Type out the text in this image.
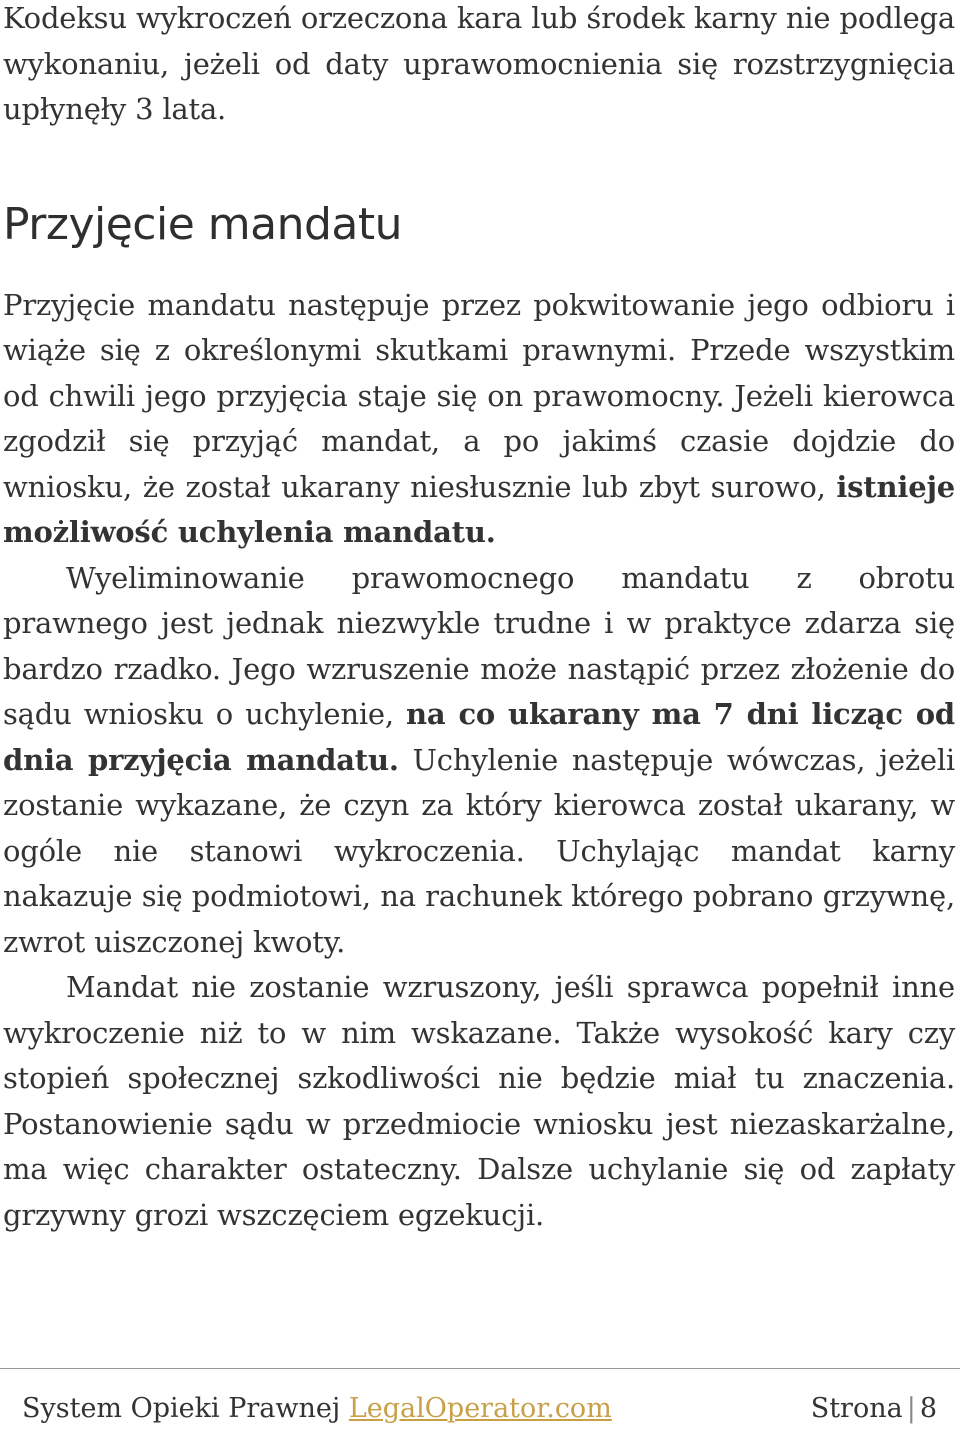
Kodeksu wykroczeń orzeczona kara lub środek karny nie podlega wykonaniu, jeżeli od daty uprawomocnienia się rozstrzygnięcia upłynęły 3 lata.

Przyjęcie mandatu

Przyjęcie mandatu następuje przez pokwitowanie jego odbioru i wiąże się z określonymi skutkami prawnymi. Przede wszystkim od chwili jego przyjęcia staje się on prawomocny. Jeżeli kierowca zgodził się przyjąć mandat, a po jakimś czasie dojdzie do wniosku, że został ukarany niesłusznie lub zbyt surowo, istnieje możliwość uchylenia mandatu.

Wyeliminowanie prawomocnego mandatu z obrotu prawnego jest jednak niezwykle trudne i w praktyce zdarza się bardzo rzadko. Jego wzruszenie może nastąpić przez złożenie do sądu wniosku o uchylenie, na co ukarany ma 7 dni licząc od dnia przyjęcia mandatu. Uchylenie następuje wówczas, jeżeli zostanie wykazane, że czyn za który kierowca został ukarany, w ogóle nie stanowi wykroczenia. Uchylając mandat karny nakazuje się podmiotowi, na rachunek którego pobrano grzywnę, zwrot uiszczonej kwoty.

Mandat nie zostanie wzruszony, jeśli sprawca popełnił inne wykroczenie niż to w nim wskazane. Także wysokość kary czy stopień społecznej szkodliwości nie będzie miał tu znaczenia. Postanowienie sądu w przedmiocie wniosku jest niezaskarżalne, ma więc charakter ostateczny. Dalsze uchylanie się od zapłaty grzywny grozi wszczęciem egzekucji.

System Opieki Prawnej LegalOperator.com	Strona | 8
